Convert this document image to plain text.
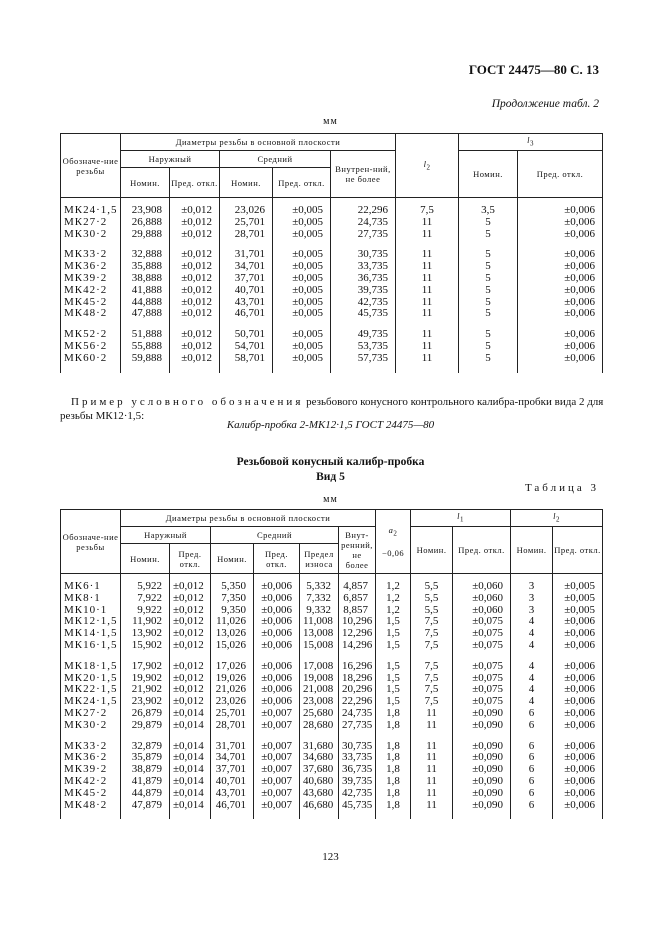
ГОСТ 24475—80 С. 13
Продолжение табл. 2
мм
Обозначе-ние резьбы	Диаметры резьбы в основной плоскости					$l_2$	$l_3$
	Наружный		Средний		Внутрен-ний, не более		Номин.	Пред. откл.
	Номин.	Пред. откл.	Номин.	Пред. откл.				
МК24·1,5	23,908	±0,012	23,026	±0,005	22,296	7,5	3,5	±0,006
МК27·2	26,888	±0,012	25,701	±0,005	24,735	11	5	±0,006
МК30·2	29,888	±0,012	28,701	±0,005	27,735	11	5	±0,006
МК33·2	32,888	±0,012	31,701	±0,005	30,735	11	5	±0,006
МК36·2	35,888	±0,012	34,701	±0,005	33,735	11	5	±0,006
МК39·2	38,888	±0,012	37,701	±0,005	36,735	11	5	±0,006
МК42·2	41,888	±0,012	40,701	±0,005	39,735	11	5	±0,006
МК45·2	44,888	±0,012	43,701	±0,005	42,735	11	5	±0,006
МК48·2	47,888	±0,012	46,701	±0,005	45,735	11	5	±0,006
МК52·2	51,888	±0,012	50,701	±0,005	49,735	11	5	±0,006
МК56·2	55,888	±0,012	54,701	±0,005	53,735	11	5	±0,006
МК60·2	59,888	±0,012	58,701	±0,005	57,735	11	5	±0,006
Пример условного обозначения резьбового конусного контрольного калибра-пробки вида 2 для резьбы МК12·1,5:
Калибр-пробка 2-МК12·1,5 ГОСТ 24475—80
Резьбовой конусный калибр-пробка
Вид 5
Таблица 3
мм
Обозначе-ние резьбы	Диаметры резьбы в основной плоскости						$a_2$

−0,06	$l_1$		$l_2$
	Наружный		Средний			Внут-ренний, не более		Номин.	Пред. откл.	Номин.	Пред. откл.
	Номин.	Пред. откл.	Номин.	Пред. откл.	Предел износа						
МК6·1	5,922	±0,012	5,350	±0,006	5,332	4,857	1,2	5,5	±0,060	3	±0,005
МК8·1	7,922	±0,012	7,350	±0,006	7,332	6,857	1,2	5,5	±0,060	3	±0,005
МК10·1	9,922	±0,012	9,350	±0,006	9,332	8,857	1,2	5,5	±0,060	3	±0,005
МК12·1,5	11,902	±0,012	11,026	±0,006	11,008	10,296	1,5	7,5	±0,075	4	±0,006
МК14·1,5	13,902	±0,012	13,026	±0,006	13,008	12,296	1,5	7,5	±0,075	4	±0,006
МК16·1,5	15,902	±0,012	15,026	±0,006	15,008	14,296	1,5	7,5	±0,075	4	±0,006
МК18·1,5	17,902	±0,012	17,026	±0,006	17,008	16,296	1,5	7,5	±0,075	4	±0,006
МК20·1,5	19,902	±0,012	19,026	±0,006	19,008	18,296	1,5	7,5	±0,075	4	±0,006
МК22·1,5	21,902	±0,012	21,026	±0,006	21,008	20,296	1,5	7,5	±0,075	4	±0,006
МК24·1,5	23,902	±0,012	23,026	±0,006	23,008	22,296	1,5	7,5	±0,075	4	±0,006
МК27·2	26,879	±0,014	25,701	±0,007	25,680	24,735	1,8	11	±0,090	6	±0,006
МК30·2	29,879	±0,014	28,701	±0,007	28,680	27,735	1,8	11	±0,090	6	±0,006
МК33·2	32,879	±0,014	31,701	±0,007	31,680	30,735	1,8	11	±0,090	6	±0,006
МК36·2	35,879	±0,014	34,701	±0,007	34,680	33,735	1,8	11	±0,090	6	±0,006
МК39·2	38,879	±0,014	37,701	±0,007	37,680	36,735	1,8	11	±0,090	6	±0,006
МК42·2	41,879	±0,014	40,701	±0,007	40,680	39,735	1,8	11	±0,090	6	±0,006
МК45·2	44,879	±0,014	43,701	±0,007	43,680	42,735	1,8	11	±0,090	6	±0,006
МК48·2	47,879	±0,014	46,701	±0,007	46,680	45,735	1,8	11	±0,090	6	±0,006
123
